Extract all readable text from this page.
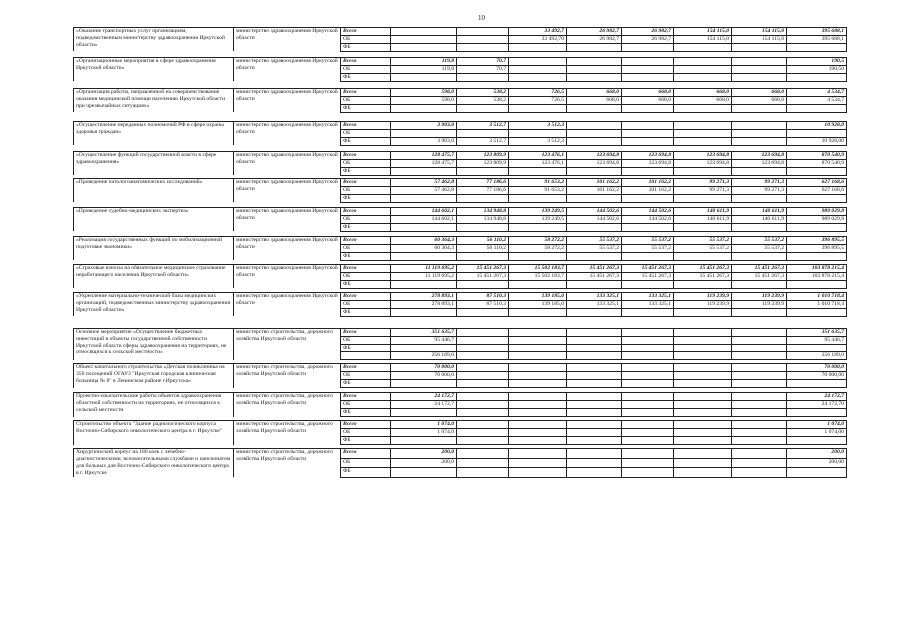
10
«Оказание транспортных услуг организациям, подведомственным министерству здравоохранения Иркутской области»	министерство здравоохранения Иркутской области	Всего			33 492,7	26 982,7	26 982,7	154 115,0	154 115,0	395 688,1
		ОБ			33 492,70	26 982,7	26 982,7	154 115,0	154 115,0	395 688,1
		ФБ								

«Организационные мероприятия в сфере здравоохранения Иркутской области»	министерство здравоохранения Иркутской области	Всего	119,8	70,7						190,5
		ОБ	119,8	70,7						190,50
		ФБ								

«Организация работы, направленной на совершенствование оказания медицинской помощи населению Иркутской области при чрезвычайных ситуациях»	министерство здравоохранения Иркутской области	Всего	598,0	538,2	726,5	668,0	668,0	668,0	668,0	4 534,7
		ОБ	598,0	538,2	726,5	668,0	668,0	668,0	668,0	4 534,7
		ФБ								

«Осуществление переданных полномочий РФ в сфере охраны здоровья граждан»	министерство здравоохранения Иркутской области	Всего	3 903,0	3 512,7	3 512,3					10 928,0
		ОБ								
		ФБ	3 903,0	3 512,7	3 512,3					10 928,00

«Осуществление функций государственной власти в сфере здравоохранения»	министерство здравоохранения Иркутской области	Всего	128 475,7	123 809,9	123 476,1	123 694,8	123 694,8	123 694,8	123 694,8	870 540,9
		ОБ	128 475,7	123 809,9	123 476,1	123 694,8	123 694,8	123 694,8	123 694,8	870 540,9
		ФБ								

«Проведение патологоанатомических исследований»	министерство здравоохранения Иркутской области	Всего	57 462,8	77 186,6	91 653,2	101 162,2	101 162,2	99 271,3	99 271,3	627 168,6
		ОБ	57 462,8	77 186,6	91 653,2	101 162,2	101 162,2	99 271,3	99 271,3	627 168,6
		ФБ								

«Проведение судебно-медицинских экспертиз»	министерство здравоохранения Иркутской области	Всего	144 602,1	134 948,8	139 249,5	144 502,6	144 502,6	140 611,9	140 611,9	989 029,8
		ОБ	144 602,1	134 948,8	139 249,5	144 502,6	144 502,6	140 611,9	140 611,9	989 029,8
		ФБ								

«Реализация государственных функций по мобилизационной подготовке экономики»	министерство здравоохранения Иркутской области	Всего	60 364,3	56 110,2	58 272,2	55 537,2	55 537,2	55 537,2	55 537,2	396 895,5
		ОБ	60 364,3	56 110,2	58 272,2	55 537,2	55 537,2	55 537,2	55 537,2	396 895,5
		ФБ								

«Страховые взносы на обязательное медицинское страхование неработающего населения Иркутской области»	министерство здравоохранения Иркутской области	Всего	11 119 695,2	15 451 267,3	15 502 183,7	15 451 267,3	15 451 267,3	15 451 267,3	15 451 267,3	103 878 215,4
		ОБ	11 119 695,2	15 451 267,3	15 502 183,7	15 451 267,3	15 451 267,3	15 451 267,3	15 451 267,3	103 878 215,4
		ФБ								

«Укрепление материально-технической базы медицинских организаций, подведомственных министерству здравоохранения Иркутской области»	министерство здравоохранения Иркутской области	Всего	278 893,1	87 510,3	139 185,0	133 325,1	133 325,1	119 239,9	119 239,9	1 010 718,4
		ОБ	278 893,1	87 510,3	139 185,0	133 325,1	133 325,1	119 239,9	119 239,9	1 010 718,4
		ФБ								

Основное мероприятие «Осуществление бюджетных инвестиций в объекты государственной собственности Иркутской области сферы здравоохранения на территориях, не относящихся к сельской местности»	министерство строительства, дорожного хозяйства Иркутской области	Всего	351 635,7							351 635,7
		ОБ	95 446,7							95 446,7
		ФБ								
			256 189,0							256 189,0

Объект капитального строительства «Детская поликлиника на 350 посещений ОГАУЗ "Иркутская городская клиническая больница № 8" в Ленинском районе г.Иркутска»	министерство строительства, дорожного хозяйства Иркутской области	Всего	70 000,0							70 000,0
		ОБ	70 000,0							70 000,00
		ФБ								

Проектно-изыскательские работы объектов здравоохранения областной собственности на территориях, не относящихся к сельской местности	министерство строительства, дорожного хозяйства Иркутской области	Всего	24 172,7							24 172,7
		ОБ	24 172,7							24 172,70
		ФБ								

Строительство объекта "Здание радиологического корпуса Восточно-Сибирского онкологического центра в г. Иркутске"	министерство строительства, дорожного хозяйства Иркутской области	Всего	1 074,0							1 074,0
		ОБ	1 074,0							1 074,00
		ФБ								

Хирургический корпус на 180 коек с лечебно-диагностическими, вспомогательными службами и пансионатом для больных для Восточно-Сибирского онкологического центра в г. Иркутске	министерство строительства, дорожного хозяйства Иркутской области	Всего	200,0							200,0
		ОБ	200,0							200,00
		ФБ								
